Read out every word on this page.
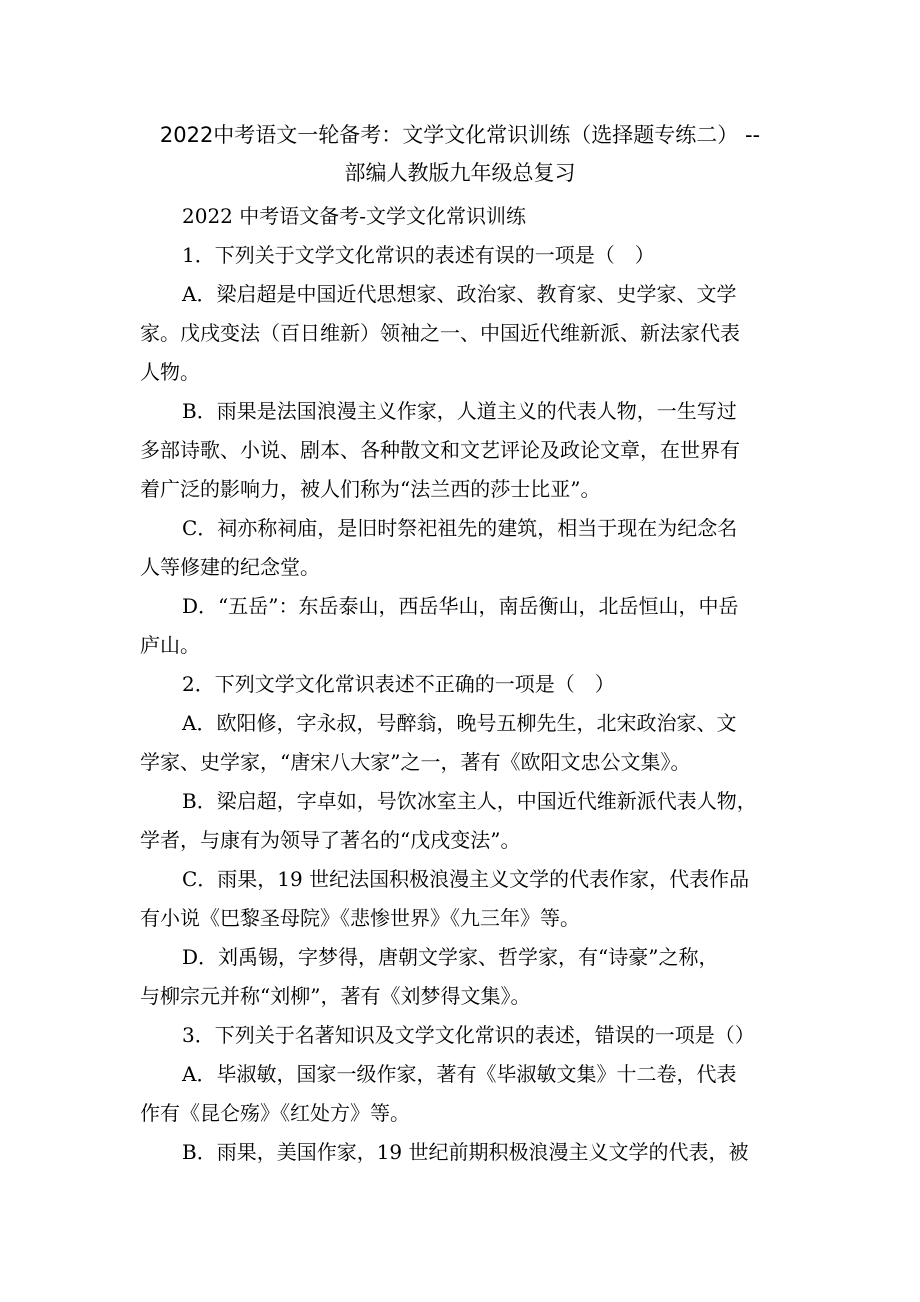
2022中考语文一轮备考：文学文化常识训练（选择题专练二） --
部编人教版九年级总复习
2022 中考语文备考-文学文化常识训练
1．下列关于文学文化常识的表述有误的一项是（　）
A．梁启超是中国近代思想家、政治家、教育家、史学家、文学
家。戊戌变法（百日维新）领袖之一、中国近代维新派、新法家代表
人物。
B．雨果是法国浪漫主义作家，人道主义的代表人物，一生写过
多部诗歌、小说、剧本、各种散文和文艺评论及政论文章，在世界有
着广泛的影响力，被人们称为“法兰西的莎士比亚”。
C．祠亦称祠庙，是旧时祭祀祖先的建筑，相当于现在为纪念名
人等修建的纪念堂。
D．“五岳”：东岳泰山，西岳华山，南岳衡山，北岳恒山，中岳
庐山。
2．下列文学文化常识表述不正确的一项是（　）
A．欧阳修，字永叔，号醉翁，晚号五柳先生，北宋政治家、文
学家、史学家，“唐宋八大家”之一，著有《欧阳文忠公文集》。
B．梁启超，字卓如，号饮冰室主人，中国近代维新派代表人物，
学者，与康有为领导了著名的“戊戌变法”。
C．雨果，19 世纪法国积极浪漫主义文学的代表作家，代表作品
有小说《巴黎圣母院》《悲惨世界》《九三年》等。
D．刘禹锡，字梦得，唐朝文学家、哲学家，有“诗豪”之称，
与柳宗元并称“刘柳”，著有《刘梦得文集》。
3．下列关于名著知识及文学文化常识的表述，错误的一项是（）
A．毕淑敏，国家一级作家，著有《毕淑敏文集》十二卷，代表
作有《昆仑殇》《红处方》等。
B．雨果，美国作家，19 世纪前期积极浪漫主义文学的代表，被
